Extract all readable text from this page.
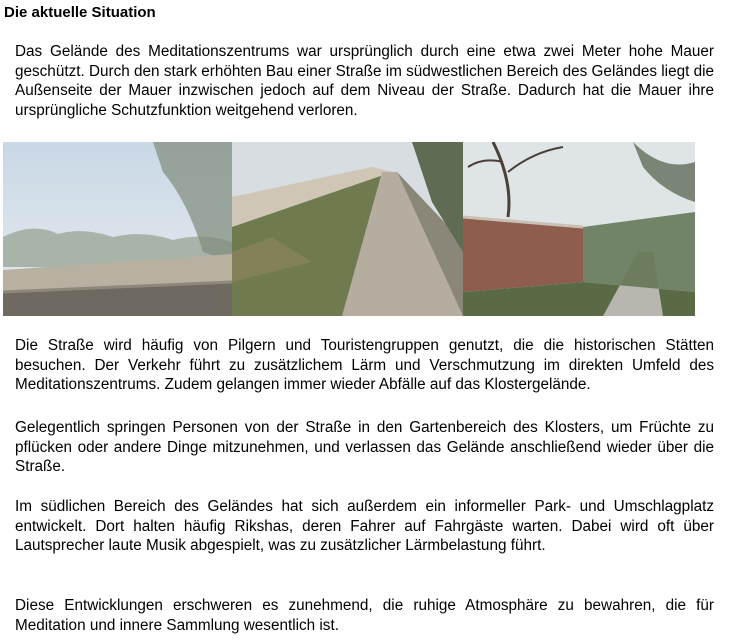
Die aktuelle Situation

Das Gelände des Meditationszentrums war ursprünglich durch eine etwa zwei Meter hohe Mauer geschützt. Durch den stark erhöhten Bau einer Straße im südwestlichen Bereich des Geländes liegt die Außenseite der Mauer inzwischen jedoch auf dem Niveau der Straße. Dadurch hat die Mauer ihre ursprüngliche Schutzfunktion weitgehend verloren.

Die Straße wird häufig von Pilgern und Touristengruppen genutzt, die die historischen Stätten besuchen. Der Verkehr führt zu zusätzlichem Lärm und Verschmutzung im direkten Umfeld des Meditationszentrums. Zudem gelangen immer wieder Abfälle auf das Klostergelände.

Gelegentlich springen Personen von der Straße in den Gartenbereich des Klosters, um Früchte zu pflücken oder andere Dinge mitzunehmen, und verlassen das Gelände anschließend wieder über die Straße.

Im südlichen Bereich des Geländes hat sich außerdem ein informeller Park- und Umschlagplatz entwickelt. Dort halten häufig Rikshas, deren Fahrer auf Fahrgäste warten. Dabei wird oft über Lautsprecher laute Musik abgespielt, was zu zusätzlicher Lärmbelastung führt.

Diese Entwicklungen erschweren es zunehmend, die ruhige Atmosphäre zu bewahren, die für Meditation und innere Sammlung wesentlich ist.
